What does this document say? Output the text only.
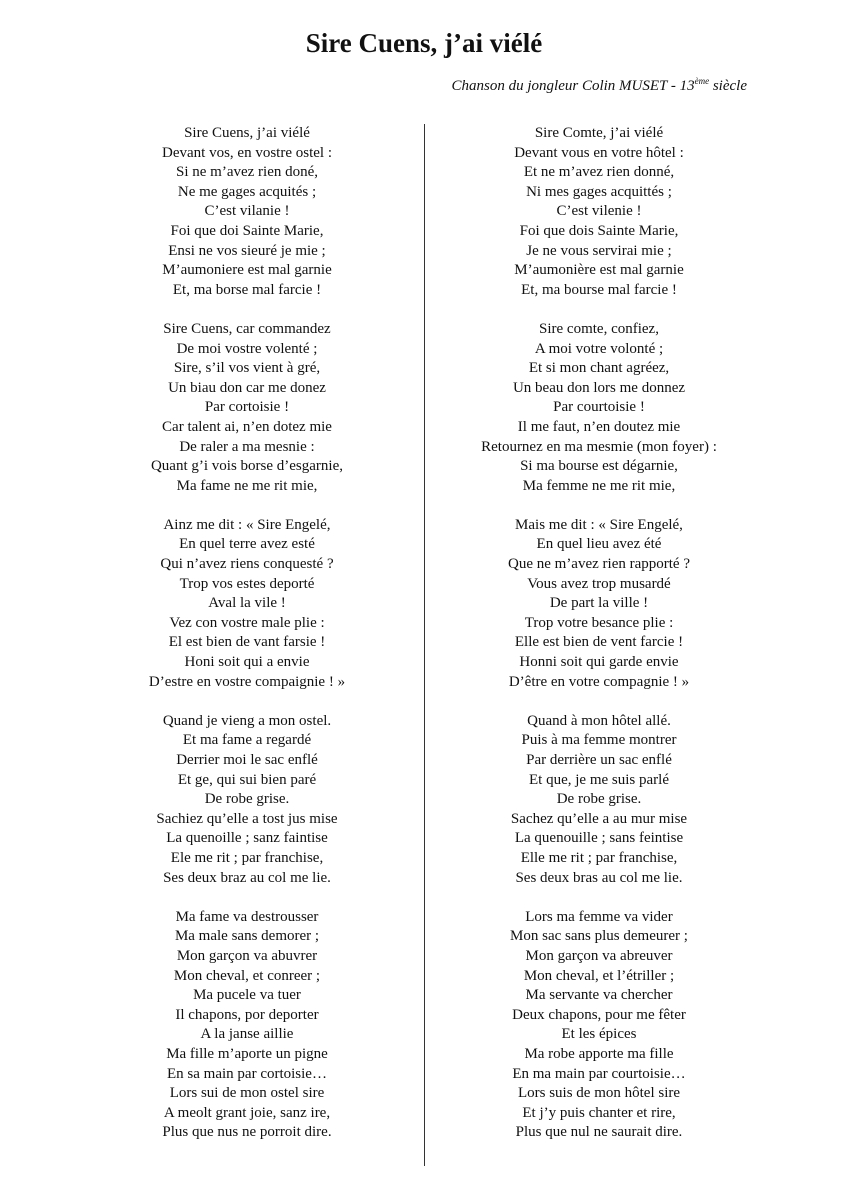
Sire Cuens, j’ai viélé
Chanson du jongleur Colin MUSET - 13ème siècle
Sire Cuens, j’ai viélé
Devant vos, en vostre ostel :
Si ne m’avez rien doné,
Ne me gages acquités ;
C’est vilanie !
Foi que doi Sainte Marie,
Ensi ne vos sieuré je mie ;
M’aumoniere est mal garnie
Et, ma borse mal farcie !
Sire Cuens, car commandez
De moi vostre volenté ;
Sire, s’il vos vient à gré,
Un biau don car me donez
Par cortoisie !
Car talent ai, n’en dotez mie
De raler a ma mesnie :
Quant g’i vois borse d’esgarnie,
Ma fame ne me rit mie,
Ainz me dit : « Sire Engelé,
En quel terre avez esté
Qui n’avez riens conquesté ?
Trop vos estes deporté
Aval la vile !
Vez con vostre male plie :
El est bien de vant farsie !
Honi soit qui a envie
D’estre en vostre compaignie ! »
Quand je vieng a mon ostel.
Et ma fame a regardé
Derrier moi le sac enflé
Et ge, qui sui bien paré
De robe grise.
Sachiez qu’elle a tost jus mise
La quenoille ; sanz faintise
Ele me rit ; par franchise,
Ses deux braz au col me lie.
Ma fame va destrousser
Ma male sans demorer ;
Mon garçon va abuvrer
Mon cheval, et conreer ;
Ma pucele va tuer
Il chapons, por deporter
A la janse aillie
Ma fille m’aporte un pigne
En sa main par cortoisie…
Lors sui de mon ostel sire
A meolt grant joie, sanz ire,
Plus que nus ne porroit dire.
Sire Comte, j’ai viélé
Devant vous en votre hôtel :
Et ne m’avez rien donné,
Ni mes gages acquittés ;
C’est vilenie !
Foi que dois Sainte Marie,
Je ne vous servirai mie ;
M’aumonière est mal garnie
Et, ma bourse mal farcie !
Sire comte, confiez,
A moi votre volonté ;
Et si mon chant agréez,
Un beau don lors me donnez
Par courtoisie !
Il me faut, n’en doutez mie
Retournez en ma mesmie (mon foyer) :
Si ma bourse est dégarnie,
Ma femme ne me rit mie,
Mais me dit : « Sire Engelé,
En quel lieu avez été
Que ne m’avez rien rapporté ?
Vous avez trop musardé
De part la ville !
Trop votre besance plie :
Elle est bien de vent farcie !
Honni soit qui garde envie
D’être en votre compagnie ! »
Quand à mon hôtel allé.
Puis à ma femme montrer
Par derrière un sac enflé
Et que, je me suis parlé
De robe grise.
Sachez qu’elle a au mur mise
La quenouille ; sans feintise
Elle me rit ; par franchise,
Ses deux bras au col me lie.
Lors ma femme va vider
Mon sac sans plus demeurer ;
Mon garçon va abreuver
Mon cheval, et l’étriller ;
Ma servante va chercher
Deux chapons, pour me fêter
Et les épices
Ma robe apporte ma fille
En ma main par courtoisie…
Lors suis de mon hôtel sire
Et j’y puis chanter et rire,
Plus que nul ne saurait dire.
